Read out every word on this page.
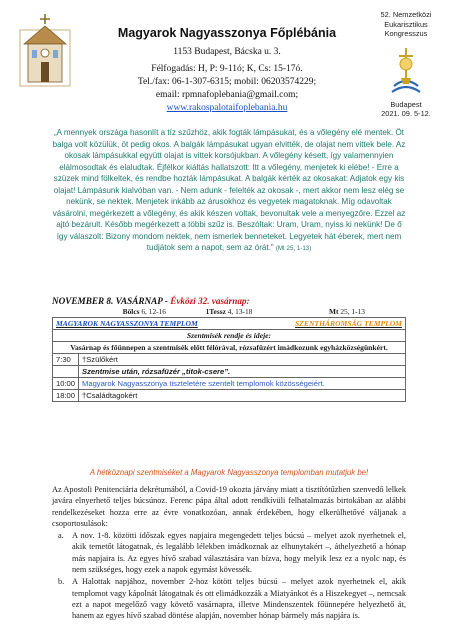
Magyarok Nagyasszonya Főplébánia
1153 Budapest, Bácska u. 3.
Félfogadás: H, P: 9-11ó; K, Cs: 15-17ó.
Tel./fax: 06-1-307-6315; mobil: 06203574229;
email: rpmnafoplebania@gmail.com;
www.rakospalotaifoplebania.hu
52. Nemzetközi
Eukarisztikus
Kongresszus
Budapest
2021. 09. 5-12.
„A mennyek országa hasonlít a tíz szűzhöz, akik fogták lámpásukat, és a vőlegény elé mentek. Öt balga volt közülük, öt pedig okos. A balgák lámpásukat ugyan elvitték, de olajat nem vittek bele. Az okosak lámpásukkal együtt olajat is vittek korsójukban. A vőlegény késett, így valamennyien elálmosodtak és elaludtak. Éjfélkor kiáltás hallatszott: Itt a vőlegény, menjetek ki elébe! - Erre a szüzek mind fölkeltek, és rendbe hozták lámpásukat. A balgák kérték az okosakat: Adjatok egy kis olajat! Lámpásunk kialvóban van. - Nem adunk - felelték az okosak -, mert akkor nem lesz elég se nekünk, se nektek. Menjetek inkább az árusokhoz és vegyetek magatoknak. Míg odavoltak vásárolni, megérkezett a vőlegény, és akik készen voltak, bevonultak vele a menyegzőre. Ezzel az ajtó bezárult. Később megérkezett a többi szűz is. Beszóltak: Uram, Uram, nyiss ki nekünk! De ő így válaszolt: Bizony mondom nektek, nem ismerlek benneteket. Legyetek hát éberek, mert nem tudjátok sem a napot, sem az órát.” (Mt 25, 1-13)
NOVEMBER 8. VASÁRNAP - Évközi 32. vasárnap:
Bölcs 6, 12-16	1Tessz 4, 13-18	Mt 25, 1-13
MAGYAROK NAGYASSZONYA TEMPLOM SZENTHÁROMSÁG TEMPLOM	

Szentmisék rendje és ideje:	
Vasárnap és főünnepen a szentmisék előtt félórával, rózsafüzért imádkozunk egyházközségünkért.	
7:30	†Szülőkért
	Szentmise után, rózsafüzér „titok-csere”.
10:00	Magyarok Nagyasszonya tiszteletére szentelt templomok közösségeiért.
18:00	†Családtagokért
A hétköznapi szentmiséket a Magyarok Nagyasszonya templomban mutatjuk be!

Az Apostoli Penitenciária dekrétumából, a Covid-19 okozta járvány miatt a tisztítótűzben szenvedő lelkek javára elnyerhető teljes búcsúnoz. Ferenc pápa által adott rendkívüli felhatalmazás birtokában az alábbi rendelkezéseket hozza erre az évre vonatkozóan, annak érdekében, hogy elkerülhetővé váljanak a csoportosulások:

a. A nov. 1-8. közötti időszak egyes napjaira megengedett teljes búcsú – melyet azok nyerhetnek el, akik temetőt látogatnak, és legalább lélekben imádkoznak az elhunytakért –, áthelyezhető a hónap más napjaira is. Az egyes hívő szabad választására van bízva, hogy melyik lesz ez a nyolc nap, és nem szükséges, hogy ezek a napok egymást kövessék.
b. A Halottak napjához, november 2-hoz kötött teljes búcsú – melyet azok nyerhetnek el, akik templomot vagy kápolnát látogatnak és ott elimádkozzák a Miatyánkot és a Hiszekegyet –, nemcsak ezt a napot megelőző vagy követő vasárnapra, illetve Mindenszentek főünnepére helyezhető át, hanem az egyes hívő szabad döntése alapján, november hónap bármely más napjára is.
